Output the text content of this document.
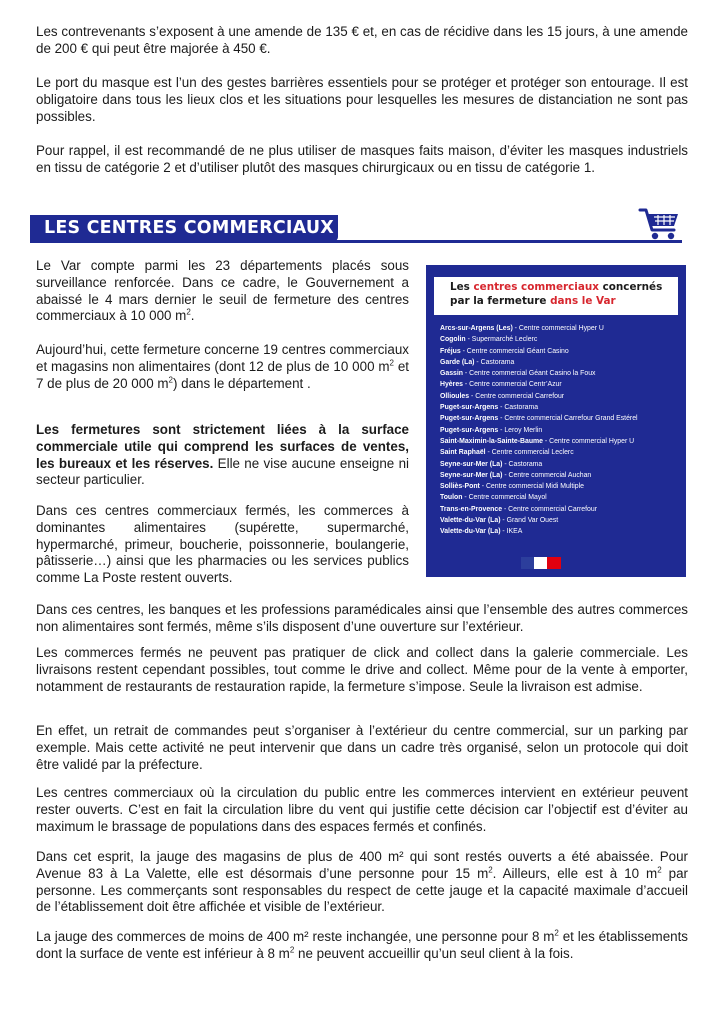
Les contrevenants s’exposent à une amende de 135 € et, en cas de récidive dans les 15 jours, à une amende de 200 € qui peut être majorée à 450 €.

Le port du masque est l’un des gestes barrières essentiels pour se protéger et protéger son entourage. Il est obligatoire dans tous les lieux clos et les situations pour lesquelles les mesures de distanciation ne sont pas possibles.

Pour rappel, il est recommandé de ne plus utiliser de masques faits maison, d’éviter les masques industriels en tissu de catégorie 2 et d’utiliser plutôt des masques chirurgicaux ou en tissu de catégorie 1.

LES CENTRES COMMERCIAUX

Le Var compte parmi les 23 départements placés sous surveillance renforcée. Dans ce cadre, le Gouvernement a abaissé le 4 mars dernier le seuil de fermeture des centres commerciaux à 10 000 $m^2$.

Aujourd’hui, cette fermeture concerne 19 centres commerciaux et magasins non alimentaires (dont 12 de plus de 10 000 $m^2$ et 7 de plus de 20 000 $m^2$) dans le département .

Les fermetures sont strictement liées à la surface commerciale utile qui comprend les surfaces de ventes, les bureaux et les réserves. Elle ne vise aucune enseigne ni secteur particulier.

Dans ces centres commerciaux fermés, les commerces à dominantes alimentaires (supérette, supermarché, hypermarché, primeur, boucherie, poissonnerie, boulangerie, pâtisserie…) ainsi que les pharmacies ou les services publics comme La Poste restent ouverts.

Les centres commerciaux concernés
par la fermeture dans le Var
Arcs-sur-Argens (Les) - Centre commercial Hyper U
Cogolin - Supermarché Leclerc
Fréjus - Centre commercial Géant Casino
Garde (La) - Castorama
Gassin - Centre commercial Géant Casino la Foux
Hyères - Centre commercial Centr’Azur
Ollioules - Centre commercial Carrefour
Puget-sur-Argens - Castorama
Puget-sur-Argens - Centre commercial Carrefour Grand Estérel
Puget-sur-Argens - Leroy Merlin
Saint-Maximin-la-Sainte-Baume - Centre commercial Hyper U
Saint Raphaël - Centre commercial Leclerc
Seyne-sur-Mer (La) - Castorama
Seyne-sur-Mer (La) - Centre commercial Auchan
Solliès-Pont - Centre commercial Midi Multiple
Toulon - Centre commercial Mayol
Trans-en-Provence - Centre commercial Carrefour
Valette-du-Var (La) - Grand Var Ouest
Valette-du-Var (La) - IKEA

Dans ces centres, les banques et les professions paramédicales ainsi que l’ensemble des autres commerces non alimentaires sont fermés, même s’ils disposent d’une ouverture sur l’extérieur.

Les commerces fermés ne peuvent pas pratiquer de click and collect dans la galerie commerciale. Les livraisons restent cependant possibles, tout comme le drive and collect. Même pour de la vente à emporter, notamment de restaurants de restauration rapide, la fermeture s’impose. Seule la livraison est admise.

En effet, un retrait de commandes peut s’organiser à l’extérieur du centre commercial, sur un parking par exemple. Mais cette activité ne peut intervenir que dans un cadre très organisé, selon un protocole qui doit être validé par la préfecture.

Les centres commerciaux où la circulation du public entre les commerces intervient en extérieur peuvent rester ouverts. C’est en fait la circulation libre du vent qui justifie cette décision car l’objectif est d’éviter au maximum le brassage de populations dans des espaces fermés et confinés.

Dans cet esprit, la jauge des magasins de plus de 400 m² qui sont restés ouverts a été abaissée. Pour Avenue 83 à La Valette, elle est désormais d’une personne pour 15 $m^2$. Ailleurs, elle est à 10 $m^2$ par personne. Les commerçants sont responsables du respect de cette jauge et la capacité maximale d’accueil de l’établissement doit être affichée et visible de l’extérieur.

La jauge des commerces de moins de 400 m² reste inchangée, une personne pour 8 $m^2$ et les établissements dont la surface de vente est inférieur à 8 $m^2$ ne peuvent accueillir qu’un seul client à la fois.
